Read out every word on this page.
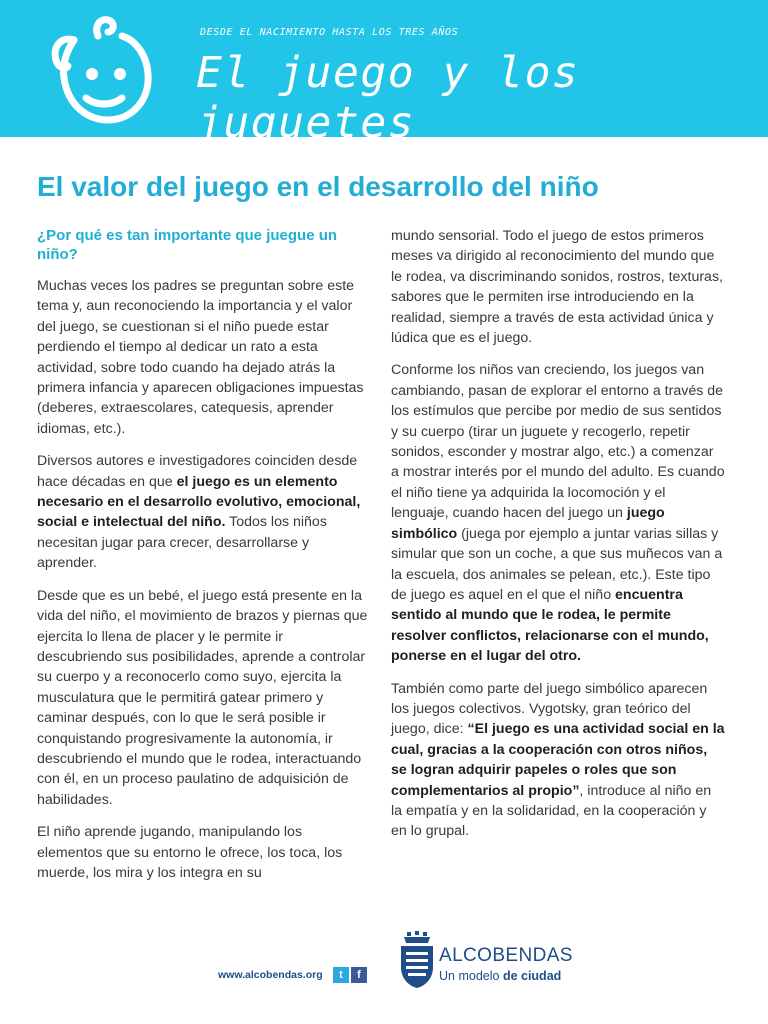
DESDE EL NACIMIENTO HASTA LOS TRES AÑOS
El juego y los juguetes
El valor del juego en el desarrollo del niño

¿Por qué es tan importante que juegue un niño?

Muchas veces los padres se preguntan sobre este tema y, aun reconociendo la importancia y el valor del juego, se cuestionan si el niño puede estar perdiendo el tiempo al dedicar un rato a esta actividad, sobre todo cuando ha dejado atrás la primera infancia y aparecen obligaciones impuestas (deberes, extraescolares, catequesis, aprender idiomas, etc.).

Diversos autores e investigadores coinciden desde hace décadas en que el juego es un elemento necesario en el desarrollo evolutivo, emocional, social e intelectual del niño. Todos los niños necesitan jugar para crecer, desarrollarse y aprender.

Desde que es un bebé, el juego está presente en la vida del niño, el movimiento de brazos y piernas que ejercita lo llena de placer y le permite ir descubriendo sus posibilidades, aprende a controlar su cuerpo y a reconocerlo como suyo, ejercita la musculatura que le permitirá gatear primero y caminar después, con lo que le será posible ir conquistando progresivamente la autonomía, ir descubriendo el mundo que le rodea, interactuando con él, en un proceso paulatino de adquisición de habilidades.

El niño aprende jugando, manipulando los elementos que su entorno le ofrece, los toca, los muerde, los mira y los integra en su

mundo sensorial. Todo el juego de estos primeros meses va dirigido al reconocimiento del mundo que le rodea, va discriminando sonidos, rostros, texturas, sabores que le permiten irse introduciendo en la realidad, siempre a través de esta actividad única y lúdica que es el juego.

Conforme los niños van creciendo, los juegos van cambiando, pasan de explorar el entorno a través de los estímulos que percibe por medio de sus sentidos y su cuerpo (tirar un juguete y recogerlo, repetir sonidos, esconder y mostrar algo, etc.) a comenzar a mostrar interés por el mundo del adulto. Es cuando el niño tiene ya adquirida la locomoción y el lenguaje, cuando hacen del juego un juego simbólico (juega por ejemplo a juntar varias sillas y simular que son un coche, a que sus muñecos van a la escuela, dos animales se pelean, etc.). Este tipo de juego es aquel en el que el niño encuentra sentido al mundo que le rodea, le permite resolver conflictos, relacionarse con el mundo, ponerse en el lugar del otro.

También como parte del juego simbólico aparecen los juegos colectivos. Vygotsky, gran teórico del juego, dice: “El juego es una actividad social en la cual, gracias a la cooperación con otros niños, se logran adquirir papeles o roles que son complementarios al propio”, introduce al niño en la empatía y en la solidaridad, en la cooperación y en lo grupal.

www.alcobendas.org	t	f
ALCOBENDAS
Un modelo de ciudad
